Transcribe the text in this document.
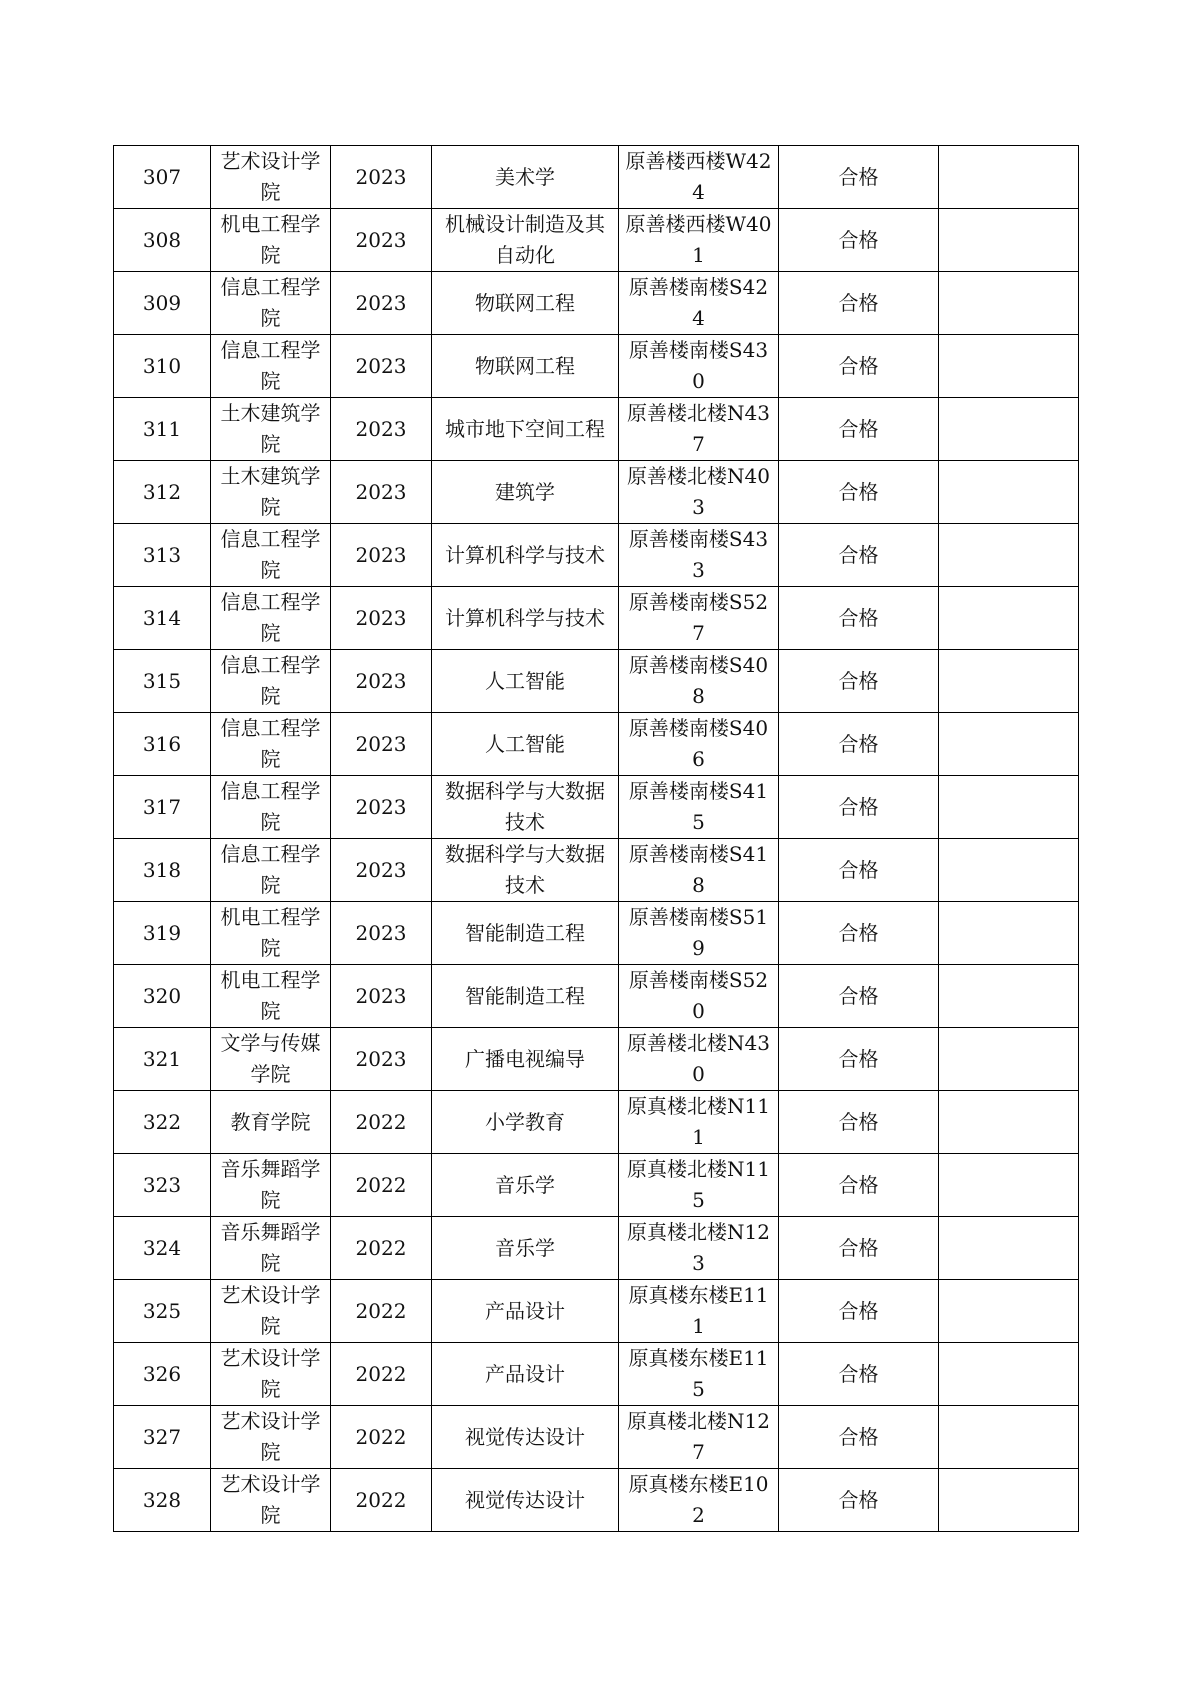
307	艺术设计学院	2023	美术学	原善楼西楼W424	合格	
308	机电工程学院	2023	机械设计制造及其自动化	原善楼西楼W401	合格	
309	信息工程学院	2023	物联网工程	原善楼南楼S424	合格	
310	信息工程学院	2023	物联网工程	原善楼南楼S430	合格	
311	土木建筑学院	2023	城市地下空间工程	原善楼北楼N437	合格	
312	土木建筑学院	2023	建筑学	原善楼北楼N403	合格	
313	信息工程学院	2023	计算机科学与技术	原善楼南楼S433	合格	
314	信息工程学院	2023	计算机科学与技术	原善楼南楼S527	合格	
315	信息工程学院	2023	人工智能	原善楼南楼S408	合格	
316	信息工程学院	2023	人工智能	原善楼南楼S406	合格	
317	信息工程学院	2023	数据科学与大数据技术	原善楼南楼S415	合格	
318	信息工程学院	2023	数据科学与大数据技术	原善楼南楼S418	合格	
319	机电工程学院	2023	智能制造工程	原善楼南楼S519	合格	
320	机电工程学院	2023	智能制造工程	原善楼南楼S520	合格	
321	文学与传媒学院	2023	广播电视编导	原善楼北楼N430	合格	
322	教育学院	2022	小学教育	原真楼北楼N111	合格	
323	音乐舞蹈学院	2022	音乐学	原真楼北楼N115	合格	
324	音乐舞蹈学院	2022	音乐学	原真楼北楼N123	合格	
325	艺术设计学院	2022	产品设计	原真楼东楼E111	合格	
326	艺术设计学院	2022	产品设计	原真楼东楼E115	合格	
327	艺术设计学院	2022	视觉传达设计	原真楼北楼N127	合格	
328	艺术设计学院	2022	视觉传达设计	原真楼东楼E102	合格	
